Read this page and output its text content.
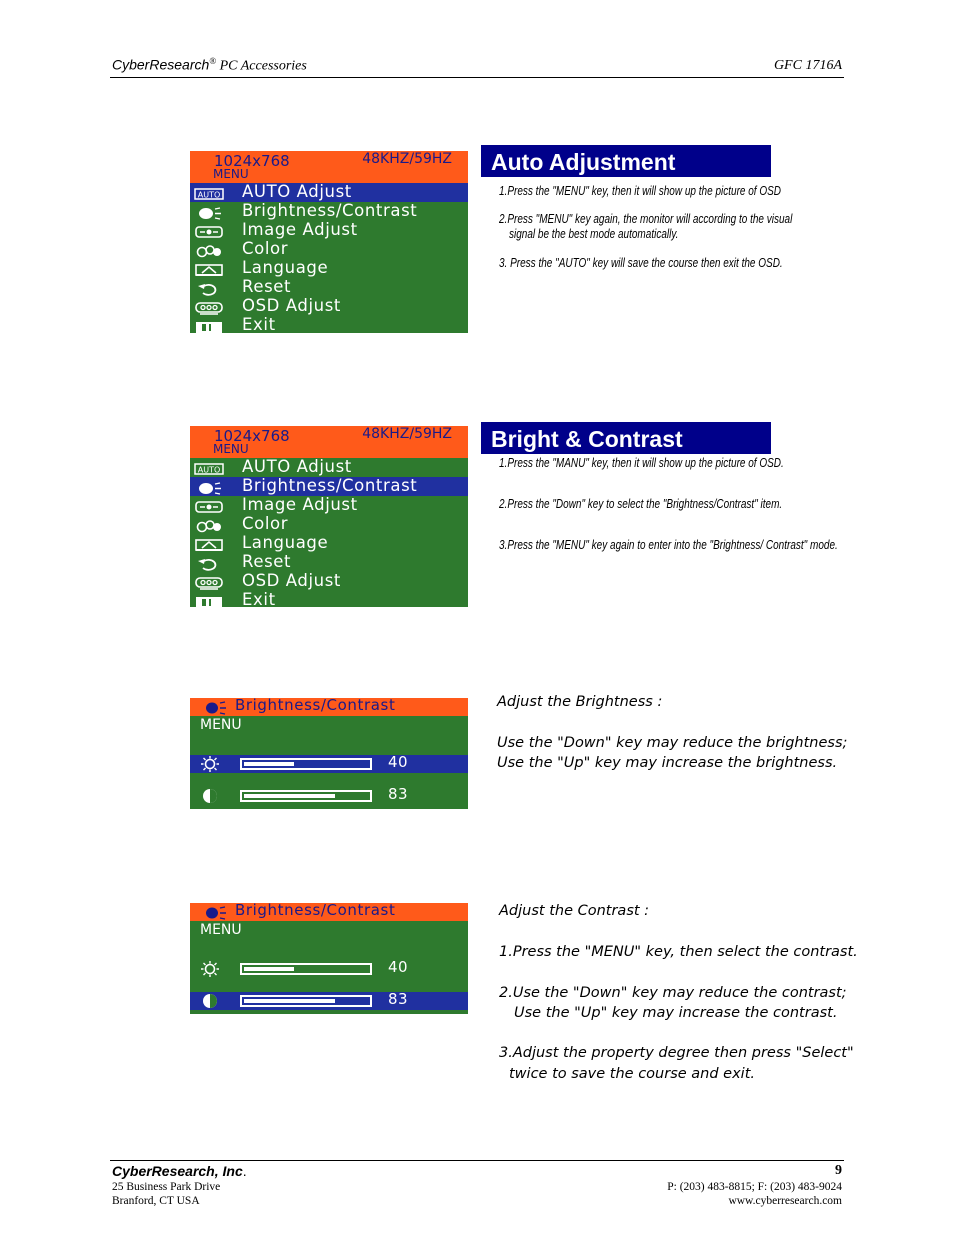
CyberResearch® PC Accessories	GFC 1716A
1024x768	48KHZ/59HZ
MENU
AUTO AUTO Adjust
Brightness/Contrast
Image Adjust
Color
Language
Reset
OSD Adjust
Exit
Auto Adjustment
1.Press the "MENU" key, then it will show up the picture of OSD
2.Press "MENU" key again, the monitor will according to the visual
signal be the best mode automatically.
3. Press the "AUTO" key will save the course then exit the OSD.
1024x768	48KHZ/59HZ
MENU
AUTO AUTO Adjust
Brightness/Contrast
Image Adjust
Color
Language
Reset
OSD Adjust
Exit
Bright & Contrast
1.Press the "MANU" key, then it will show up the picture of OSD.
2.Press the "Down" key to select the "Brightness/Contrast" item.
3.Press the "MENU" key again to enter into the "Brightness/ Contrast" mode.
Brightness/Contrast
MENU
40
83
Adjust the Brightness :
Use the "Down" key may reduce the brightness;
Use the "Up" key may increase the brightness.
Brightness/Contrast
MENU
40
83
Adjust the Contrast :
1.Press the "MENU" key, then select the contrast.
2.Use the "Down" key may reduce the contrast;
Use the "Up" key may increase the contrast.
3.Adjust the property degree then press "Select"
twice to save the course and exit.
CyberResearch, Inc.	9
25 Business Park Drive
Branford, CT USA
P: (203) 483-8815; F: (203) 483-9024
www.cyberresearch.com
